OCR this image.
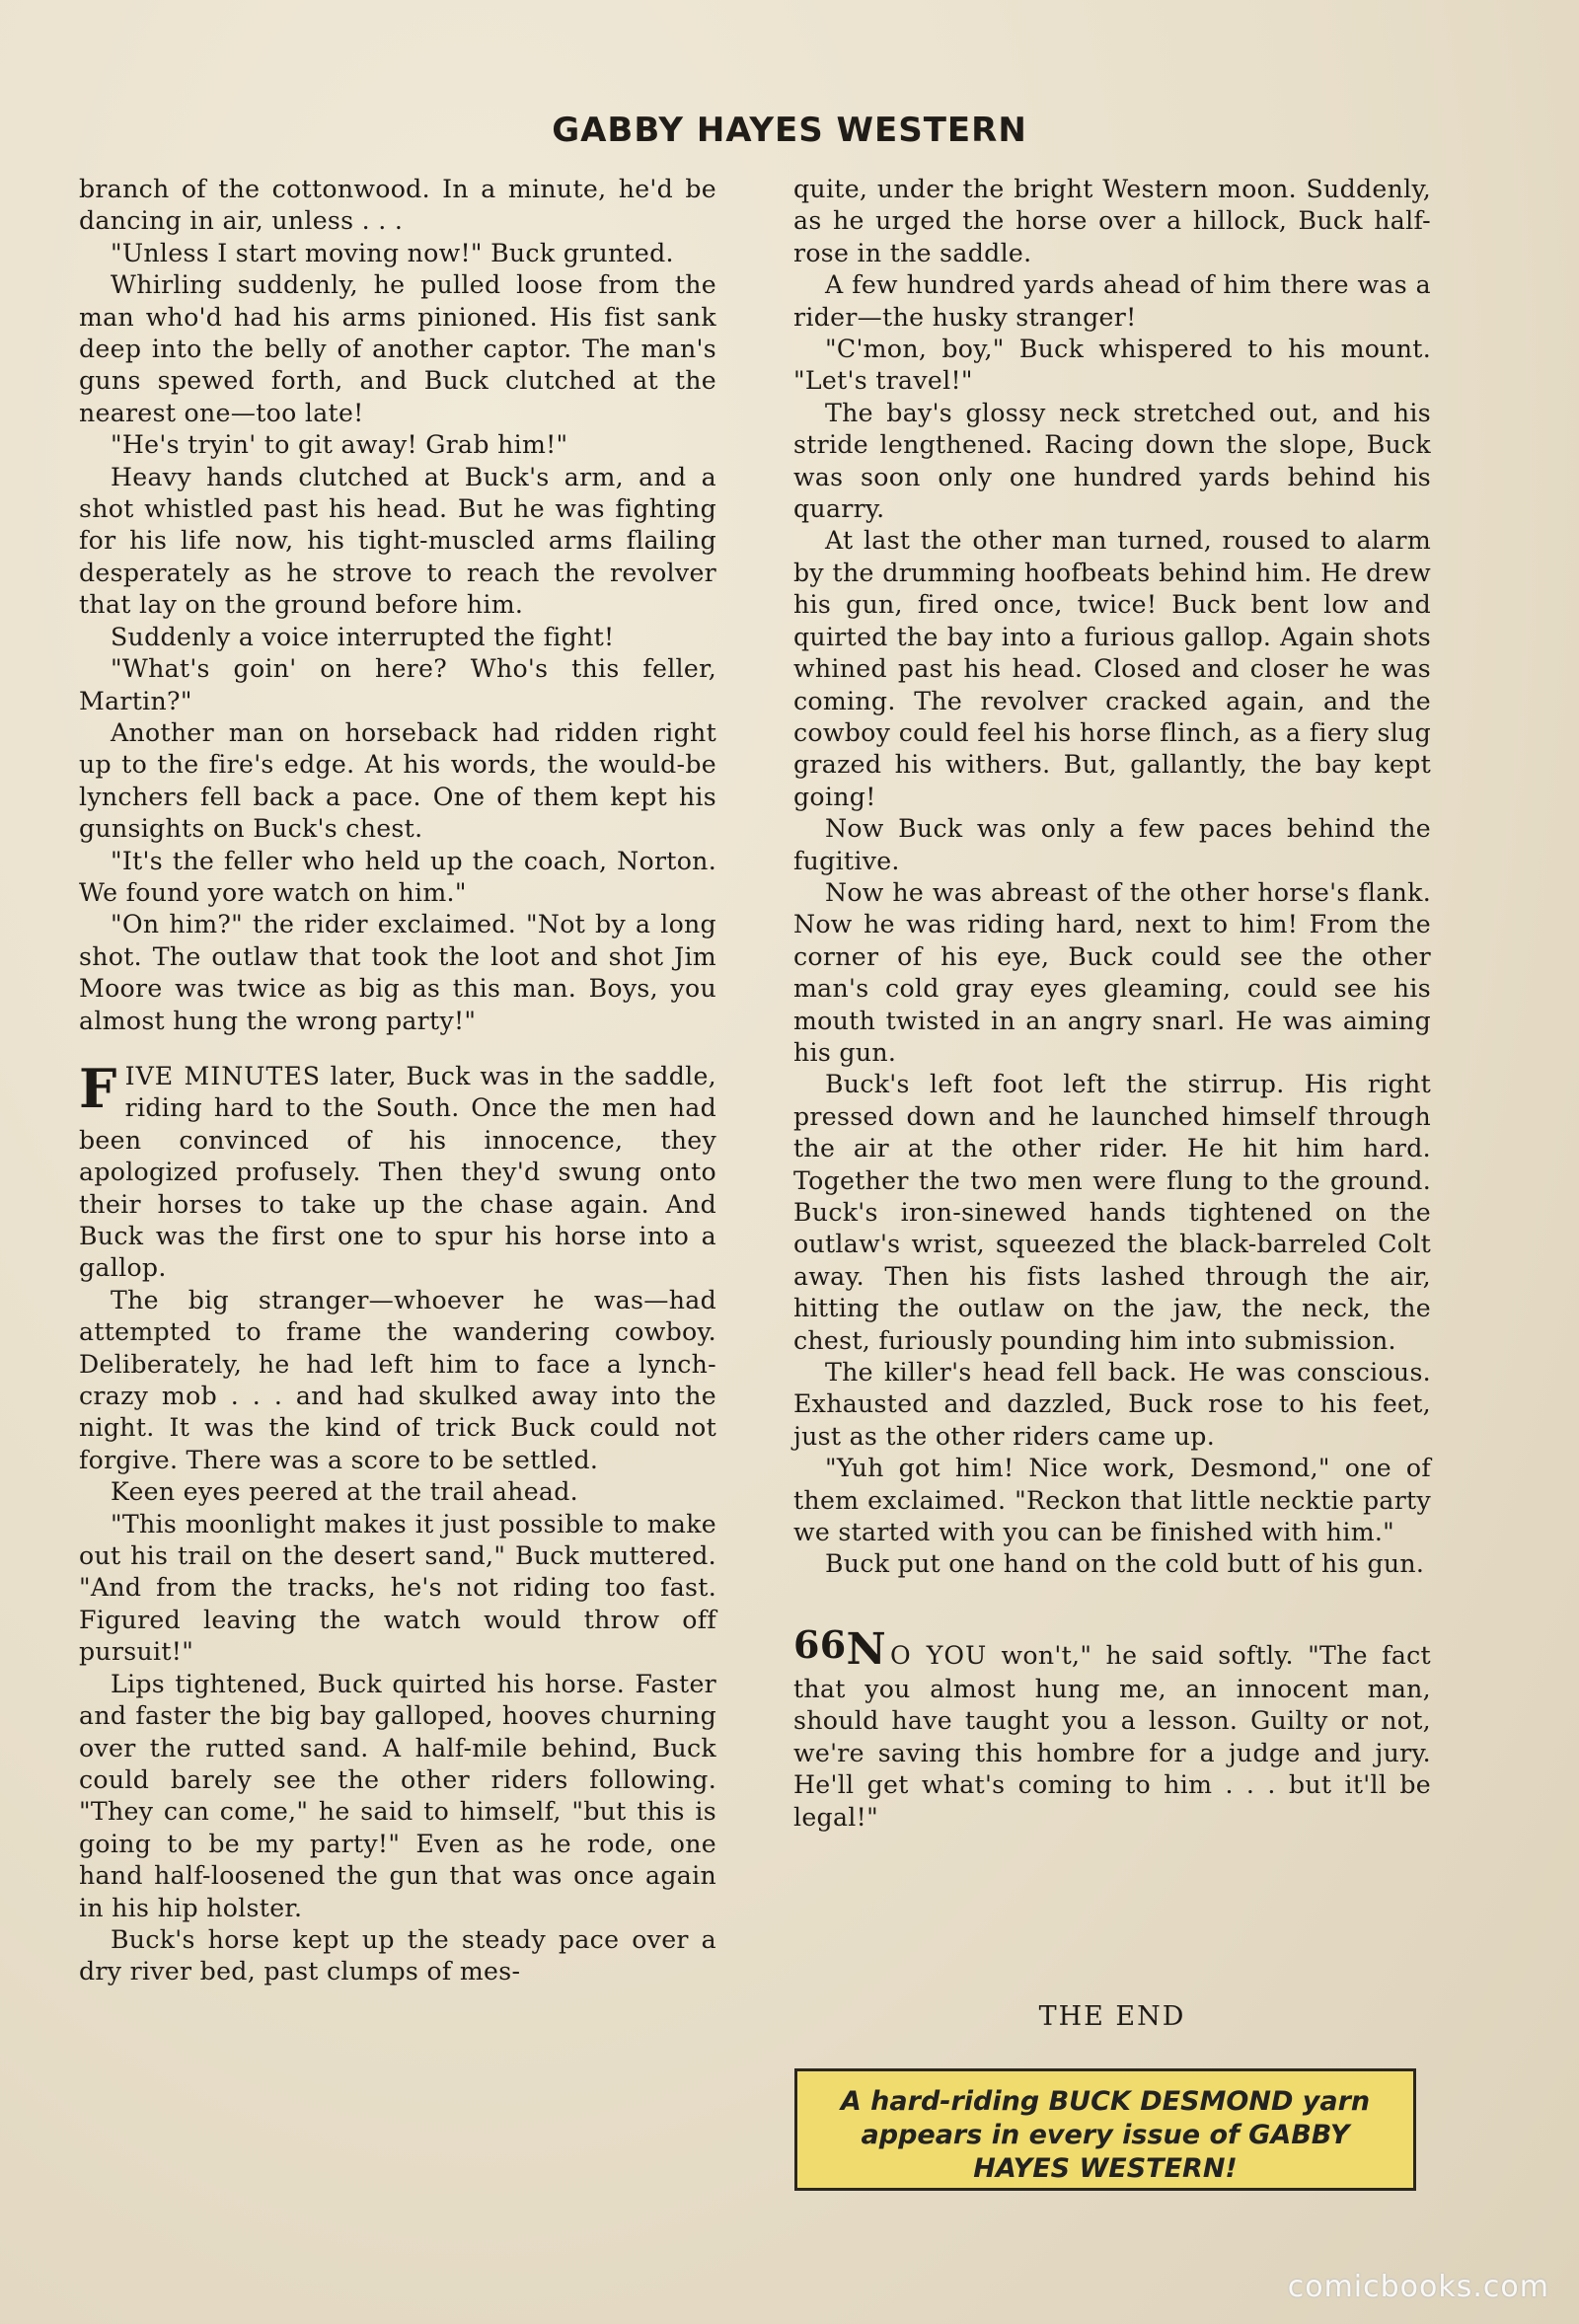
GABBY HAYES WESTERN

branch of the cottonwood. In a minute, he'd be dancing in air, unless . . .

"Unless I start moving now!" Buck grunted.

Whirling suddenly, he pulled loose from the man who'd had his arms pinioned. His fist sank deep into the belly of another captor. The man's guns spewed forth, and Buck clutched at the nearest one—too late!

"He's tryin' to git away! Grab him!"

Heavy hands clutched at Buck's arm, and a shot whistled past his head. But he was fighting for his life now, his tight-muscled arms flailing desperately as he strove to reach the revolver that lay on the ground before him.

Suddenly a voice interrupted the fight!

"What's goin' on here? Who's this feller, Martin?"

Another man on horseback had ridden right up to the fire's edge. At his words, the would-be lynchers fell back a pace. One of them kept his gunsights on Buck's chest.

"It's the feller who held up the coach, Norton. We found yore watch on him."

"On him?" the rider exclaimed. "Not by a long shot. The outlaw that took the loot and shot Jim Moore was twice as big as this man. Boys, you almost hung the wrong party!"

FIVE MINUTES later, Buck was in the saddle, riding hard to the South. Once the men had been convinced of his innocence, they apologized profusely. Then they'd swung onto their horses to take up the chase again. And Buck was the first one to spur his horse into a gallop.

The big stranger—whoever he was—had attempted to frame the wandering cowboy. Deliberately, he had left him to face a lynch-crazy mob . . . and had skulked away into the night. It was the kind of trick Buck could not forgive. There was a score to be settled.

Keen eyes peered at the trail ahead.

"This moonlight makes it just possible to make out his trail on the desert sand," Buck muttered. "And from the tracks, he's not riding too fast. Figured leaving the watch would throw off pursuit!"

Lips tightened, Buck quirted his horse. Faster and faster the big bay galloped, hooves churning over the rutted sand. A half-mile behind, Buck could barely see the other riders following. "They can come," he said to himself, "but this is going to be my party!" Even as he rode, one hand half-loosened the gun that was once again in his hip holster.

Buck's horse kept up the steady pace over a dry river bed, past clumps of mes-

quite, under the bright Western moon. Suddenly, as he urged the horse over a hillock, Buck half-rose in the saddle.

A few hundred yards ahead of him there was a rider—the husky stranger!

"C'mon, boy," Buck whispered to his mount. "Let's travel!"

The bay's glossy neck stretched out, and his stride lengthened. Racing down the slope, Buck was soon only one hundred yards behind his quarry.

At last the other man turned, roused to alarm by the drumming hoofbeats behind him. He drew his gun, fired once, twice! Buck bent low and quirted the bay into a furious gallop. Again shots whined past his head. Closed and closer he was coming. The revolver cracked again, and the cowboy could feel his horse flinch, as a fiery slug grazed his withers. But, gallantly, the bay kept going!

Now Buck was only a few paces behind the fugitive.

Now he was abreast of the other horse's flank. Now he was riding hard, next to him! From the corner of his eye, Buck could see the other man's cold gray eyes gleaming, could see his mouth twisted in an angry snarl. He was aiming his gun.

Buck's left foot left the stirrup. His right pressed down and he launched himself through the air at the other rider. He hit him hard. Together the two men were flung to the ground. Buck's iron-sinewed hands tightened on the outlaw's wrist, squeezed the black-barreled Colt away. Then his fists lashed through the air, hitting the outlaw on the jaw, the neck, the chest, furiously pounding him into submission.

The killer's head fell back. He was conscious. Exhausted and dazzled, Buck rose to his feet, just as the other riders came up.

"Yuh got him! Nice work, Desmond," one of them exclaimed. "Reckon that little necktie party we started with you can be finished with him."

Buck put one hand on the cold butt of his gun.

66N O YOU won't," he said softly. "The fact that you almost hung me, an innocent man, should have taught you a lesson. Guilty or not, we're saving this hombre for a judge and jury. He'll get what's coming to him . . . but it'll be legal!"

THE END
A hard-riding BUCK DESMOND yarn appears in every issue of GABBY HAYES WESTERN!
comicbooks.com
